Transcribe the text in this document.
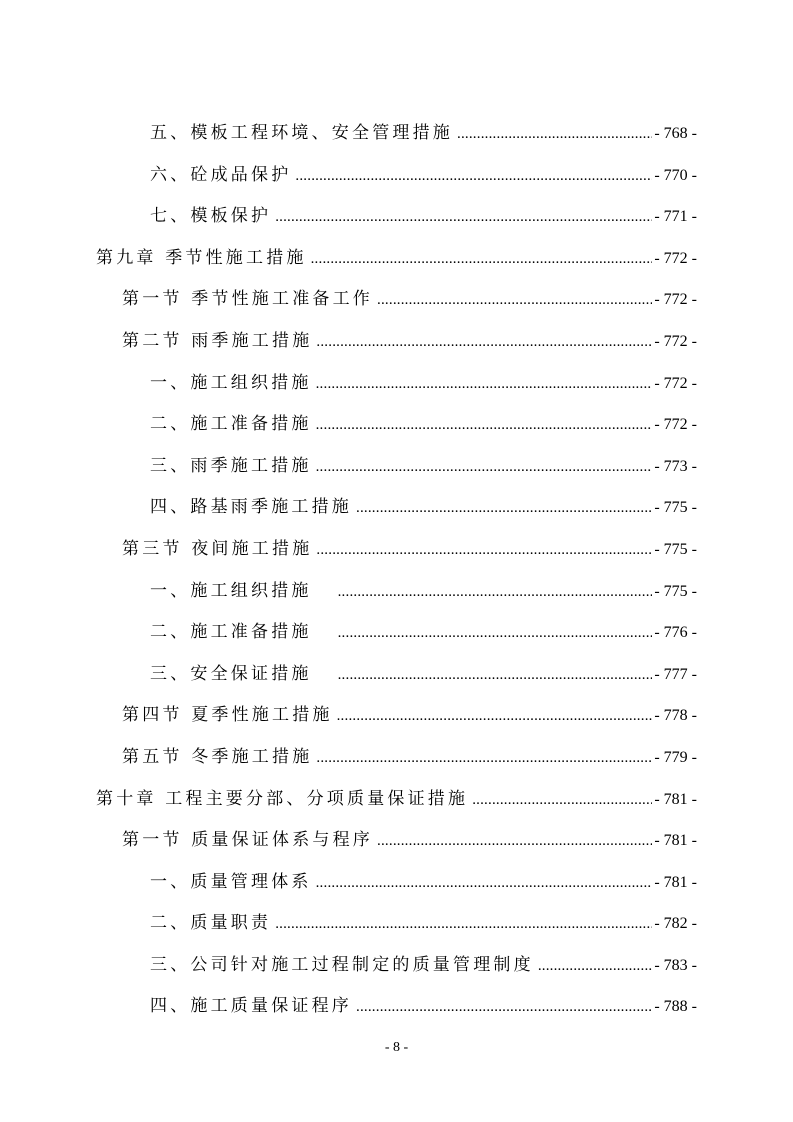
五、模板工程环境、安全管理措施 .....	- 768 -
六、砼成品保护 .....	- 770 -
七、模板保护 .....	- 771 -
第九章 季节性施工措施 .....	- 772 -
第一节 季节性施工准备工作 .....	- 772 -
第二节 雨季施工措施 .....	- 772 -
一、施工组织措施 .....	- 772 -
二、施工准备措施 .....	- 772 -
三、雨季施工措施 .....	- 773 -
四、路基雨季施工措施 .....	- 775 -
第三节 夜间施工措施 .....	- 775 -
一、施工组织措施 .....	- 775 -
二、施工准备措施 .....	- 776 -
三、安全保证措施 .....	- 777 -
第四节 夏季性施工措施 .....	- 778 -
第五节 冬季施工措施 .....	- 779 -
第十章 工程主要分部、分项质量保证措施 .....	- 781 -
第一节 质量保证体系与程序 .....	- 781 -
一、质量管理体系 .....	- 781 -
二、质量职责 .....	- 782 -
三、公司针对施工过程制定的质量管理制度 .....	- 783 -
四、施工质量保证程序 .....	- 788 -
- 8 -
